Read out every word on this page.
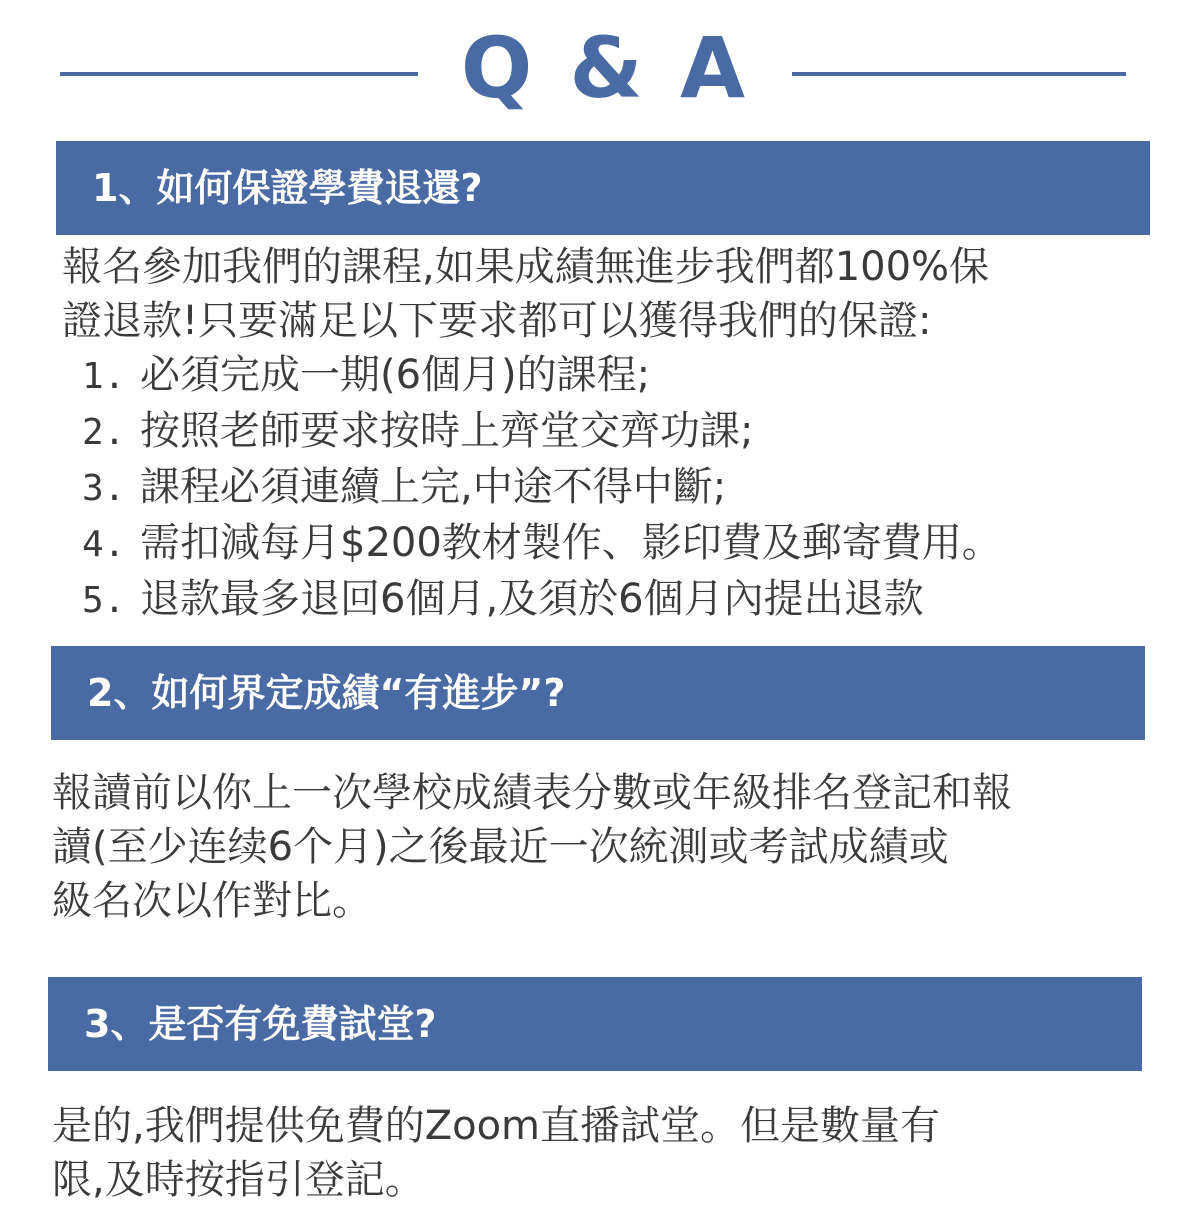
Q & A
1、如何保證學費退還?

報名參加我們的課程,如果成績無進步我們都100%保

證退款!只要滿足以下要求都可以獲得我們的保證:

1. 必須完成一期(6個月)的課程;
2. 按照老師要求按時上齊堂交齊功課;
3. 課程必須連續上完,中途不得中斷;
4. 需扣減每月$200教材製作、影印費及郵寄費用。
5. 退款最多退回6個月,及須於6個月內提出退款
2、如何界定成績“有進步”?

報讀前以你上一次學校成績表分數或年級排名登記和報

讀(至少连续6个月)之後最近一次統測或考試成績或

級名次以作對比。

3、是否有免費試堂?

是的,我們提供免費的Zoom直播試堂。但是數量有

限,及時按指引登記。
